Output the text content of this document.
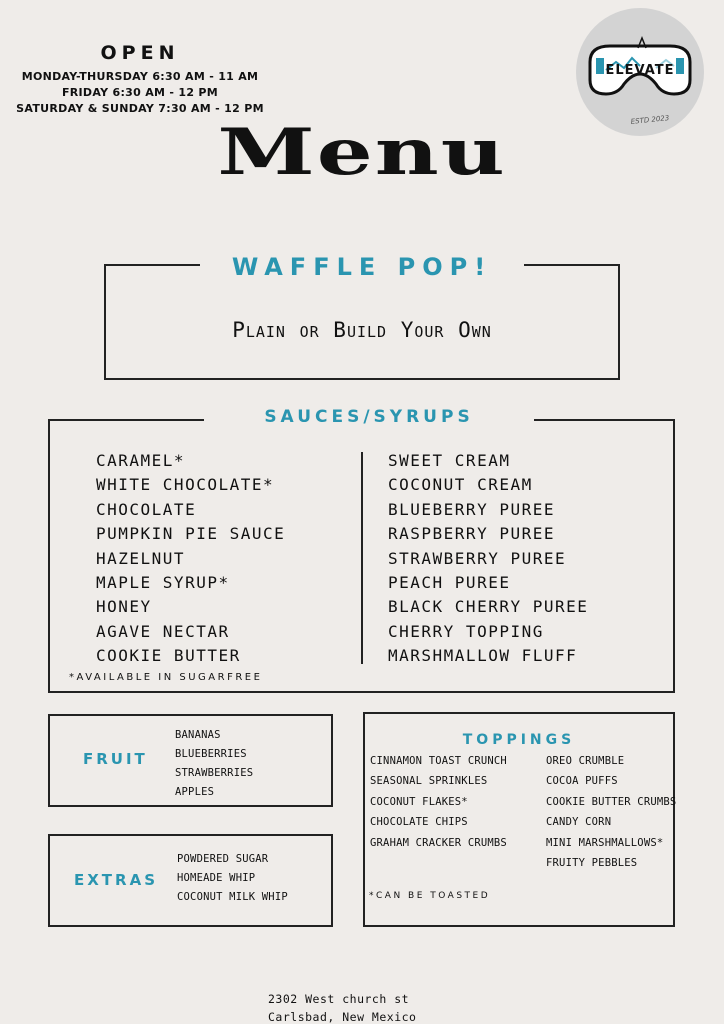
OPEN
MONDAY-THURSDAY 6:30 AM - 11 AM
FRIDAY 6:30 AM - 12 PM
SATURDAY & SUNDAY 7:30 AM - 12 PM
ELEVATE
ESTD 2023
Menu
WAFFLE POP!
Plain or Build Your Own
SAUCES/SYRUPS
CARAMEL*
WHITE CHOCOLATE*
CHOCOLATE
PUMPKIN PIE SAUCE
HAZELNUT
MAPLE SYRUP*
HONEY
AGAVE NECTAR
COOKIE BUTTER
SWEET CREAM
COCONUT CREAM
BLUEBERRY PUREE
RASPBERRY PUREE
STRAWBERRY PUREE
PEACH PUREE
BLACK CHERRY PUREE
CHERRY TOPPING
MARSHMALLOW FLUFF
*AVAILABLE IN SUGARFREE
FRUIT
BANANAS
BLUEBERRIES
STRAWBERRIES
APPLES
EXTRAS
POWDERED SUGAR
HOMEADE WHIP
COCONUT MILK WHIP
TOPPINGS
CINNAMON TOAST CRUNCH
SEASONAL SPRINKLES
COCONUT FLAKES*
CHOCOLATE CHIPS
GRAHAM CRACKER CRUMBS
OREO CRUMBLE
COCOA PUFFS
COOKIE BUTTER CRUMBS
CANDY CORN
MINI MARSHMALLOWS*
FRUITY PEBBLES
*CAN BE TOASTED
2302 West church st
Carlsbad, New Mexico
